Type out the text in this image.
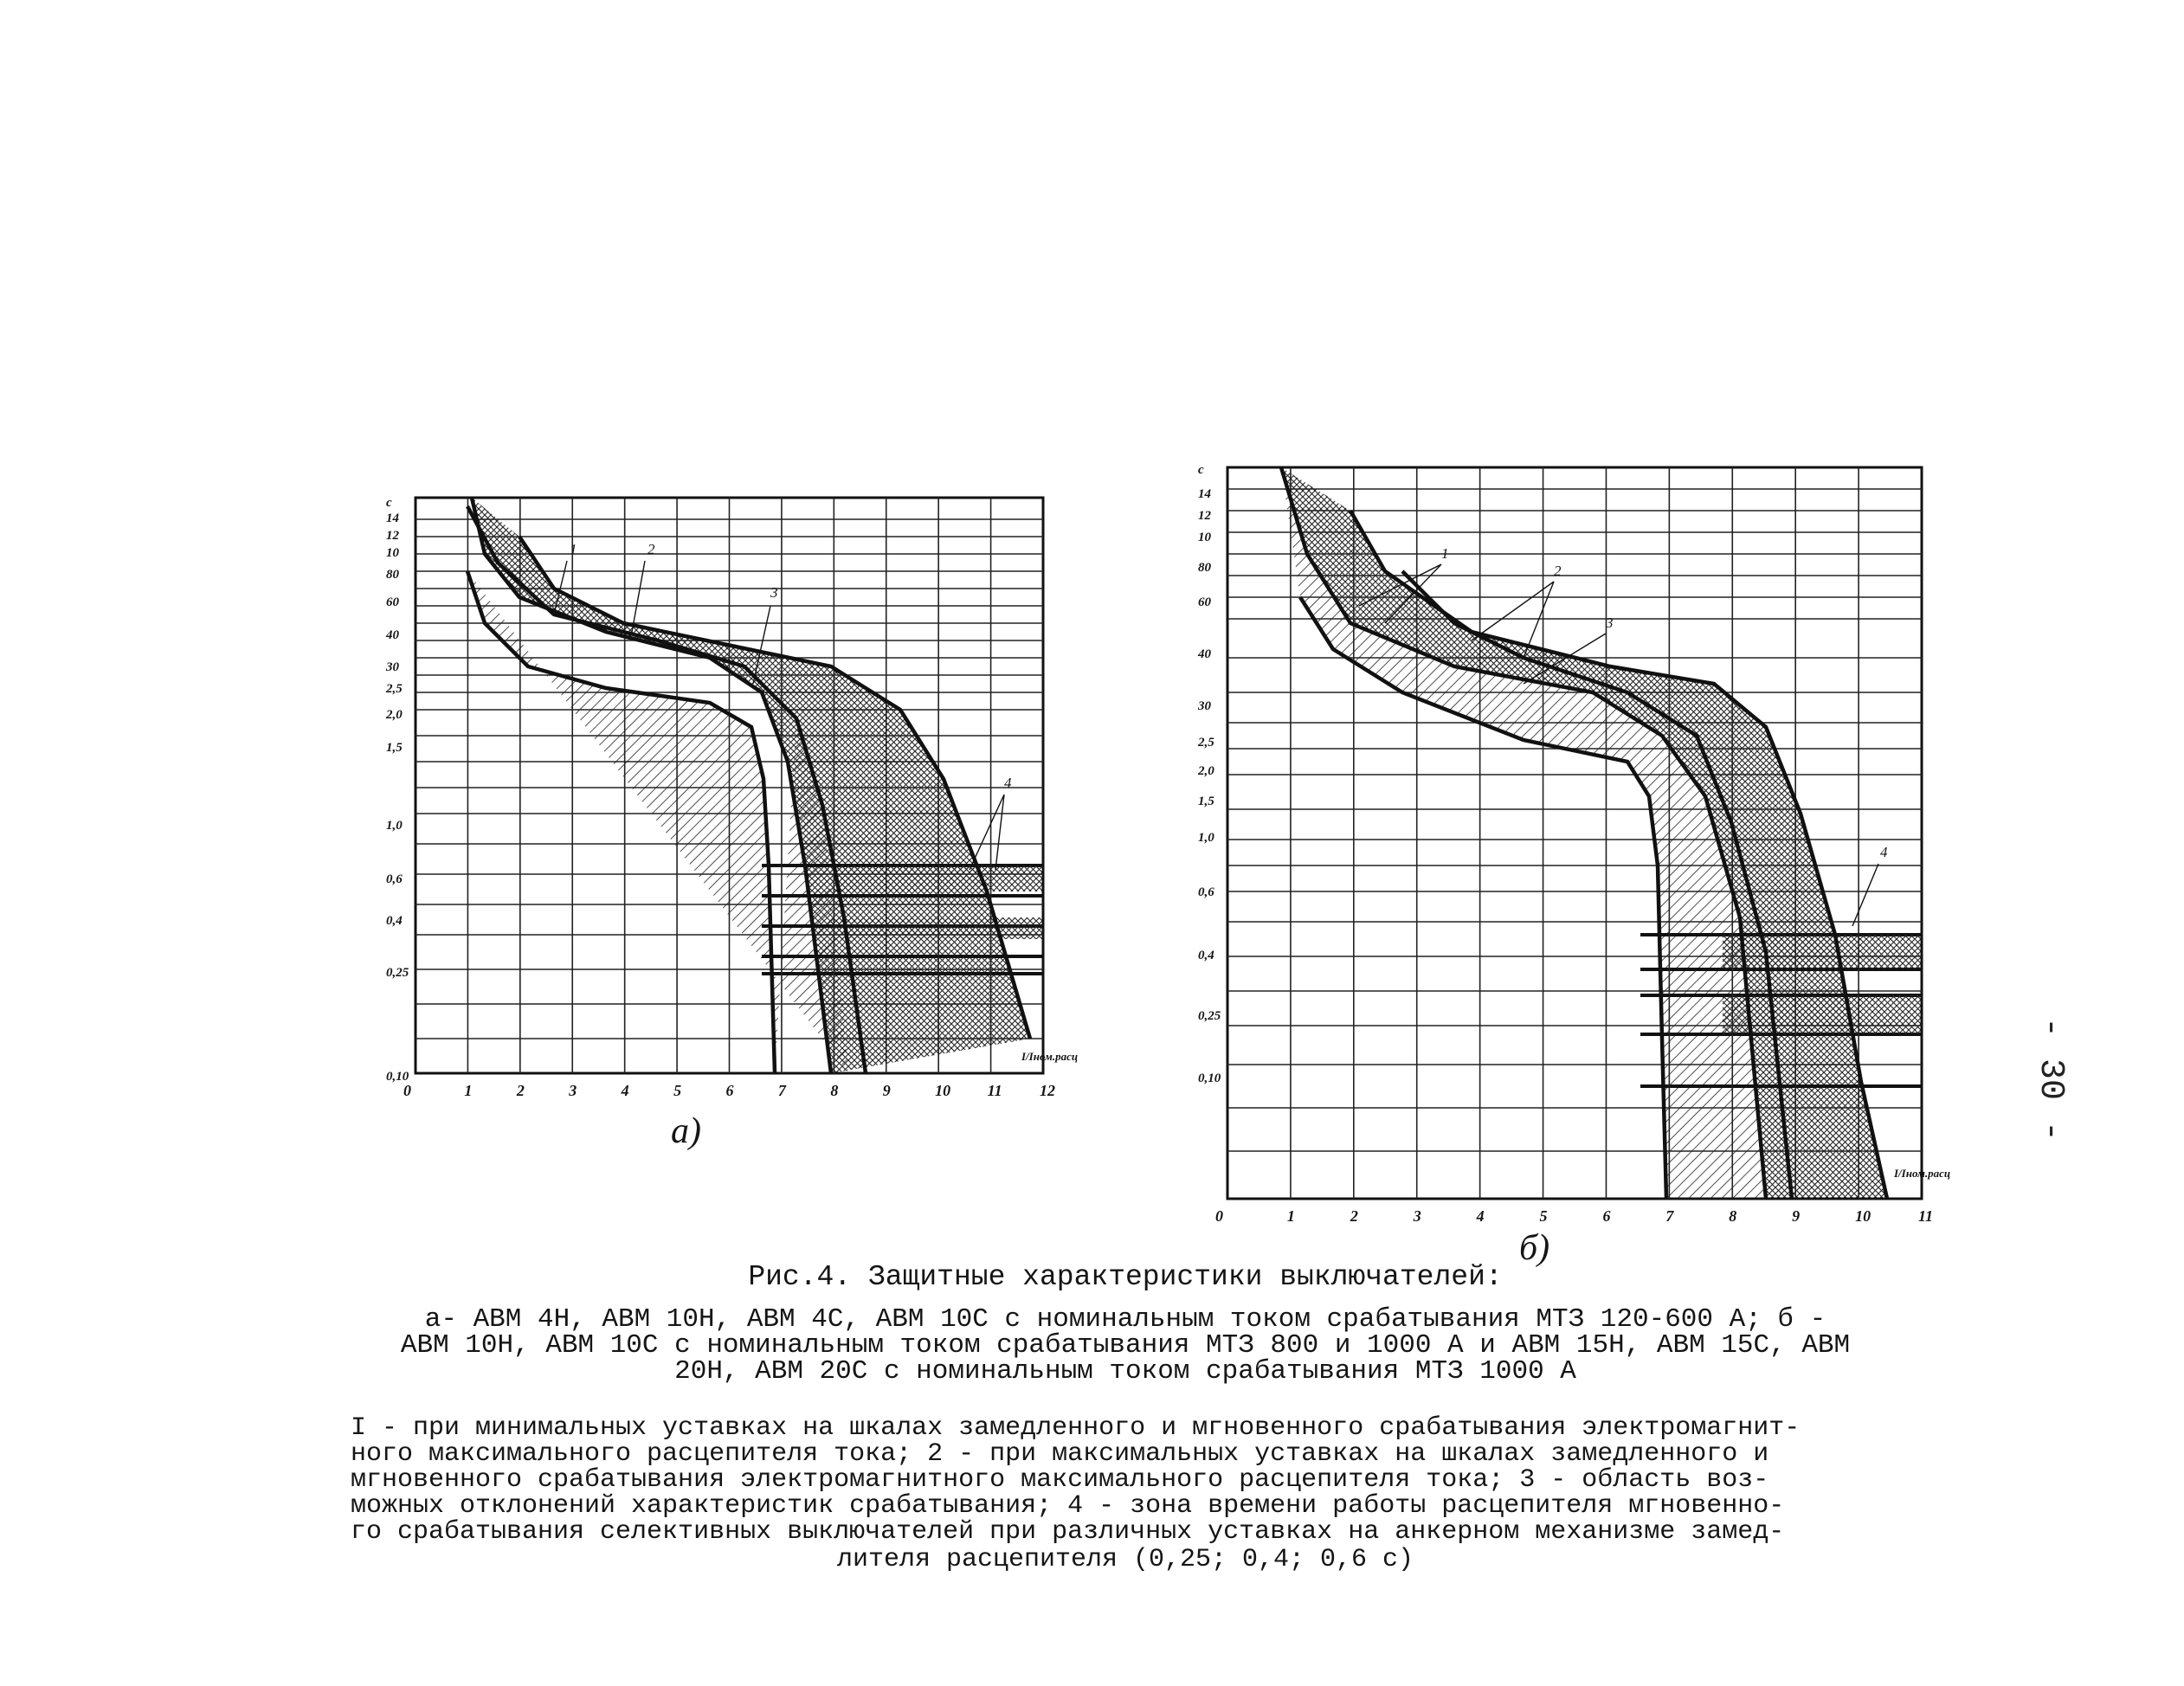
0	1	2	3	4	5	6	7	8	9	10 11 12
с
14
12
10
80
60
40
30
2,5
2,0
1,5
1,0
0,6
0,4
0,25
0,10
1	2
3
4
а)
I/Iном.расц
0	1	2	3	4	5	6	7	8	9	10	11
с
14
12
10
80
60
40
30
2,5
2,0
1,5
1,0
0,6
0,4
0,25
0,10
1
2
3
4
б)
I/Iном.расц
- 30 -
Рис.4. Защитные характеристики выключателей:
а- АВМ 4Н, АВМ 10Н, АВМ 4С, АВМ 10С с номинальным током срабатывания МТЗ 120-600 А; б -
АВМ 10Н, АВМ 10С с номинальным током срабатывания МТЗ 800 и 1000 А и АВМ 15Н, АВМ 15С, АВМ
20Н, АВМ 20С с номинальным током срабатывания МТЗ 1000 А
I - при минимальных уставках на шкалах замедленного и мгновенного срабатывания электромагнит-
ного максимального расцепителя тока; 2 - при максимальных уставках на шкалах замедленного и
мгновенного срабатывания электромагнитного максимального расцепителя тока; 3 - область воз-
можных отклонений характеристик срабатывания; 4 - зона времени работы расцепителя мгновенно-
го срабатывания селективных выключателей при различных уставках на анкерном механизме замед-
лителя расцепителя (0,25; 0,4; 0,6 с)
